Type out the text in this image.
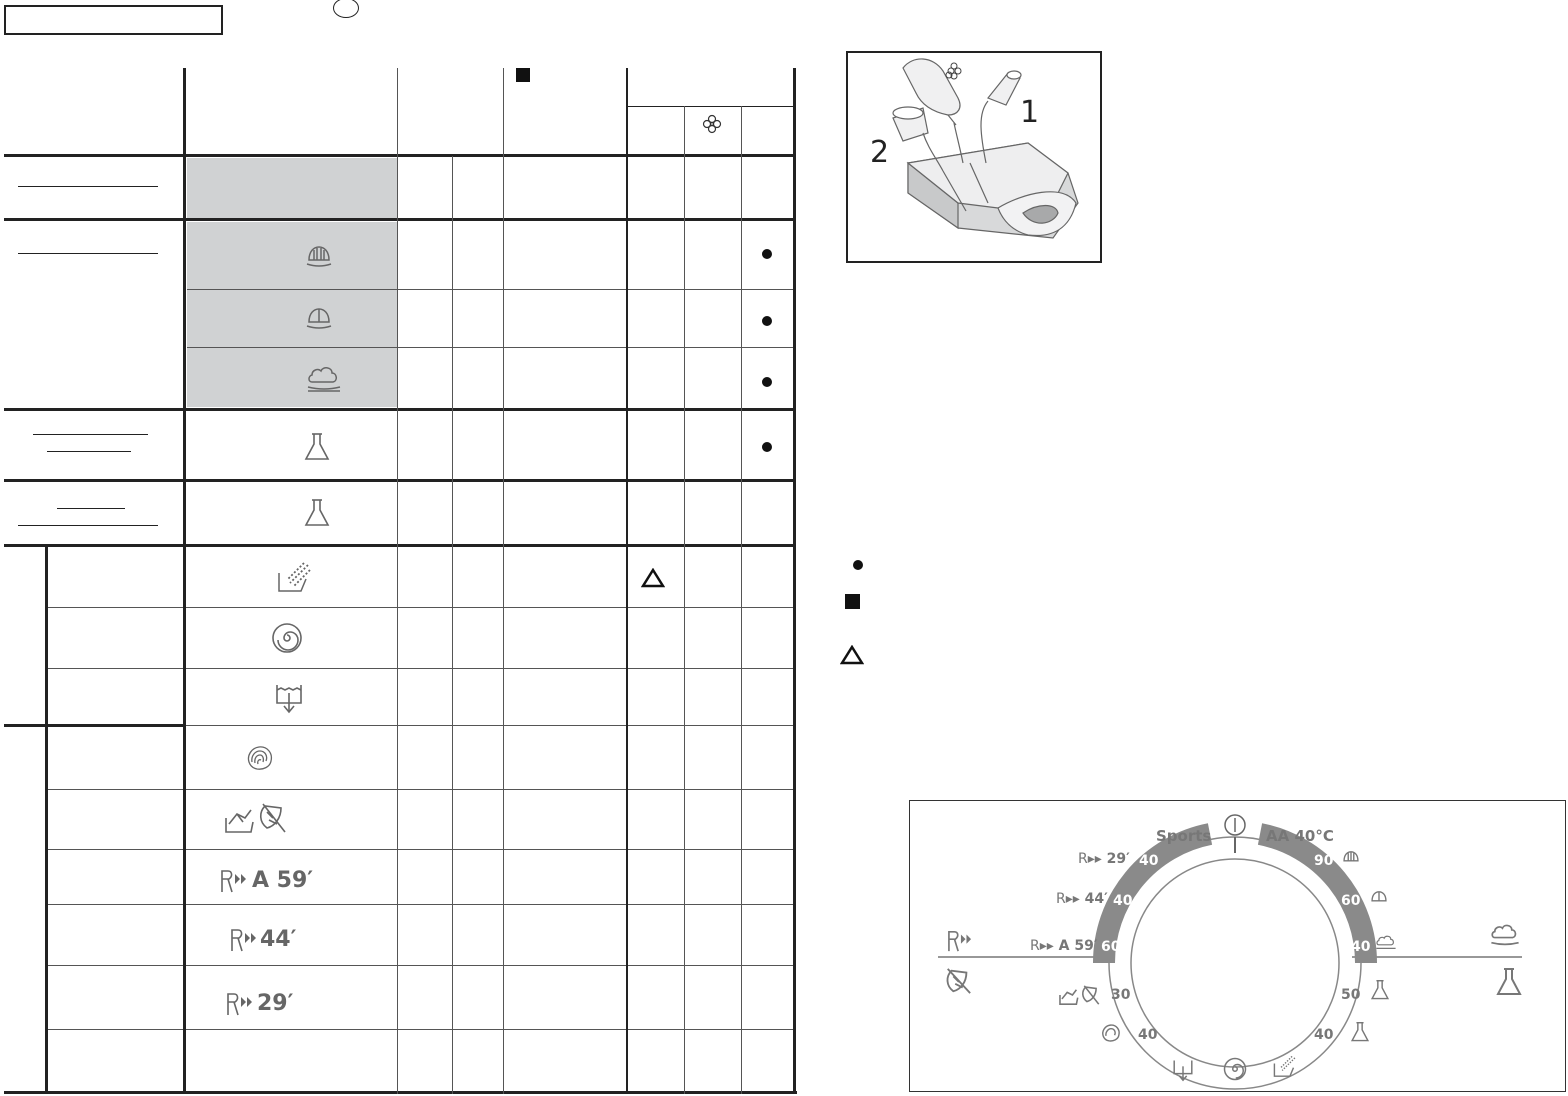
A 59′
44′
29′
1
2
Sports	AA 40°C
40
40
60
30
40
90
60
40
50
40
R▸▸ 29′
R▸▸ 44′
R▸▸ A 59′
